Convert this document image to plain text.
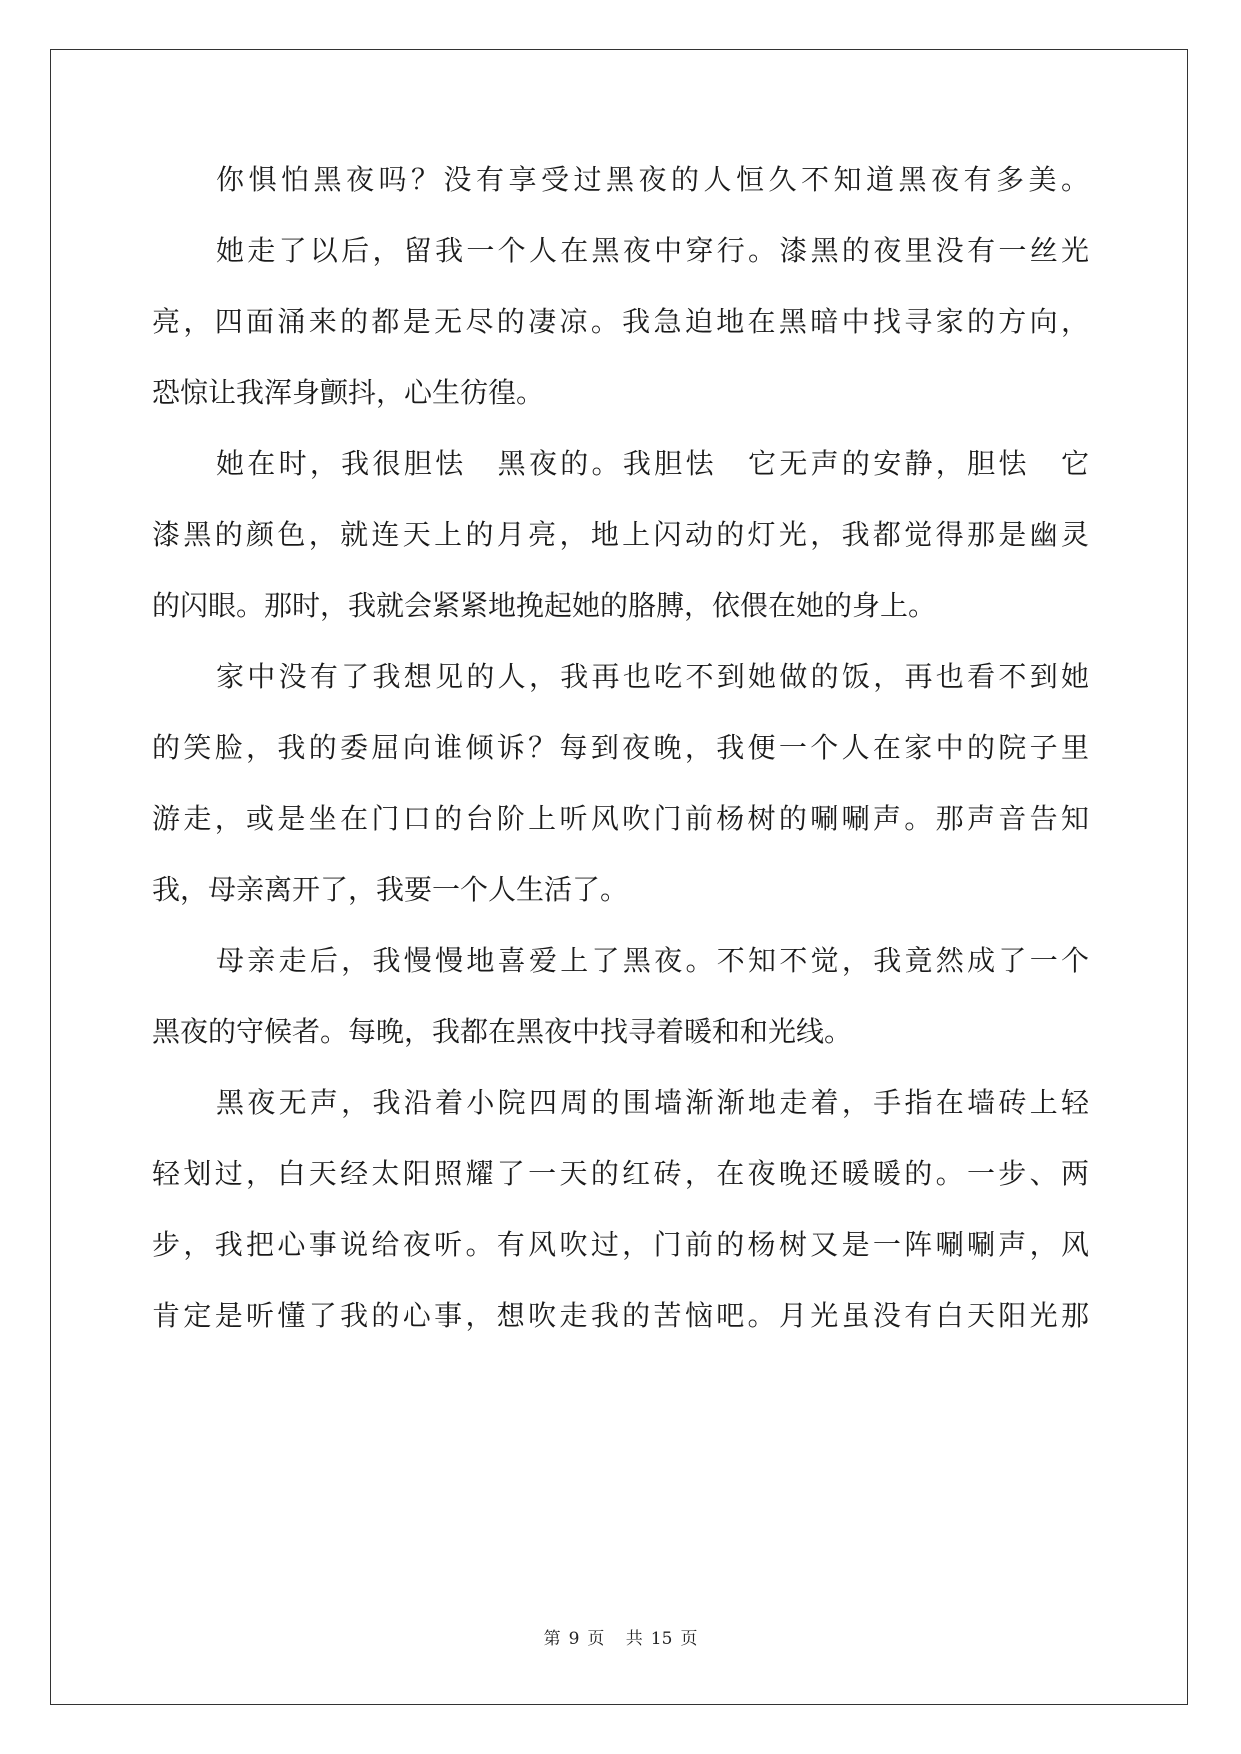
你惧怕黑夜吗？没有享受过黑夜的人恒久不知道黑夜有多美。
她走了以后，留我一个人在黑夜中穿行。漆黑的夜里没有一丝光
亮，四面涌来的都是无尽的凄凉。我急迫地在黑暗中找寻家的方向，
恐惊让我浑身颤抖，心生彷徨。
她在时，我很胆怯　黑夜的。我胆怯　它无声的安静，胆怯　它
漆黑的颜色，就连天上的月亮，地上闪动的灯光，我都觉得那是幽灵
的闪眼。那时，我就会紧紧地挽起她的胳膊，依偎在她的身上。
家中没有了我想见的人，我再也吃不到她做的饭，再也看不到她
的笑脸，我的委屈向谁倾诉？每到夜晚，我便一个人在家中的院子里
游走，或是坐在门口的台阶上听风吹门前杨树的唰唰声。那声音告知
我，母亲离开了，我要一个人生活了。
母亲走后，我慢慢地喜爱上了黑夜。不知不觉，我竟然成了一个
黑夜的守候者。每晚，我都在黑夜中找寻着暖和和光线。
黑夜无声，我沿着小院四周的围墙渐渐地走着，手指在墙砖上轻
轻划过，白天经太阳照耀了一天的红砖，在夜晚还暖暖的。一步、两
步，我把心事说给夜听。有风吹过，门前的杨树又是一阵唰唰声，风
肯定是听懂了我的心事，想吹走我的苦恼吧。月光虽没有白天阳光那
第 9 页 共 15 页
